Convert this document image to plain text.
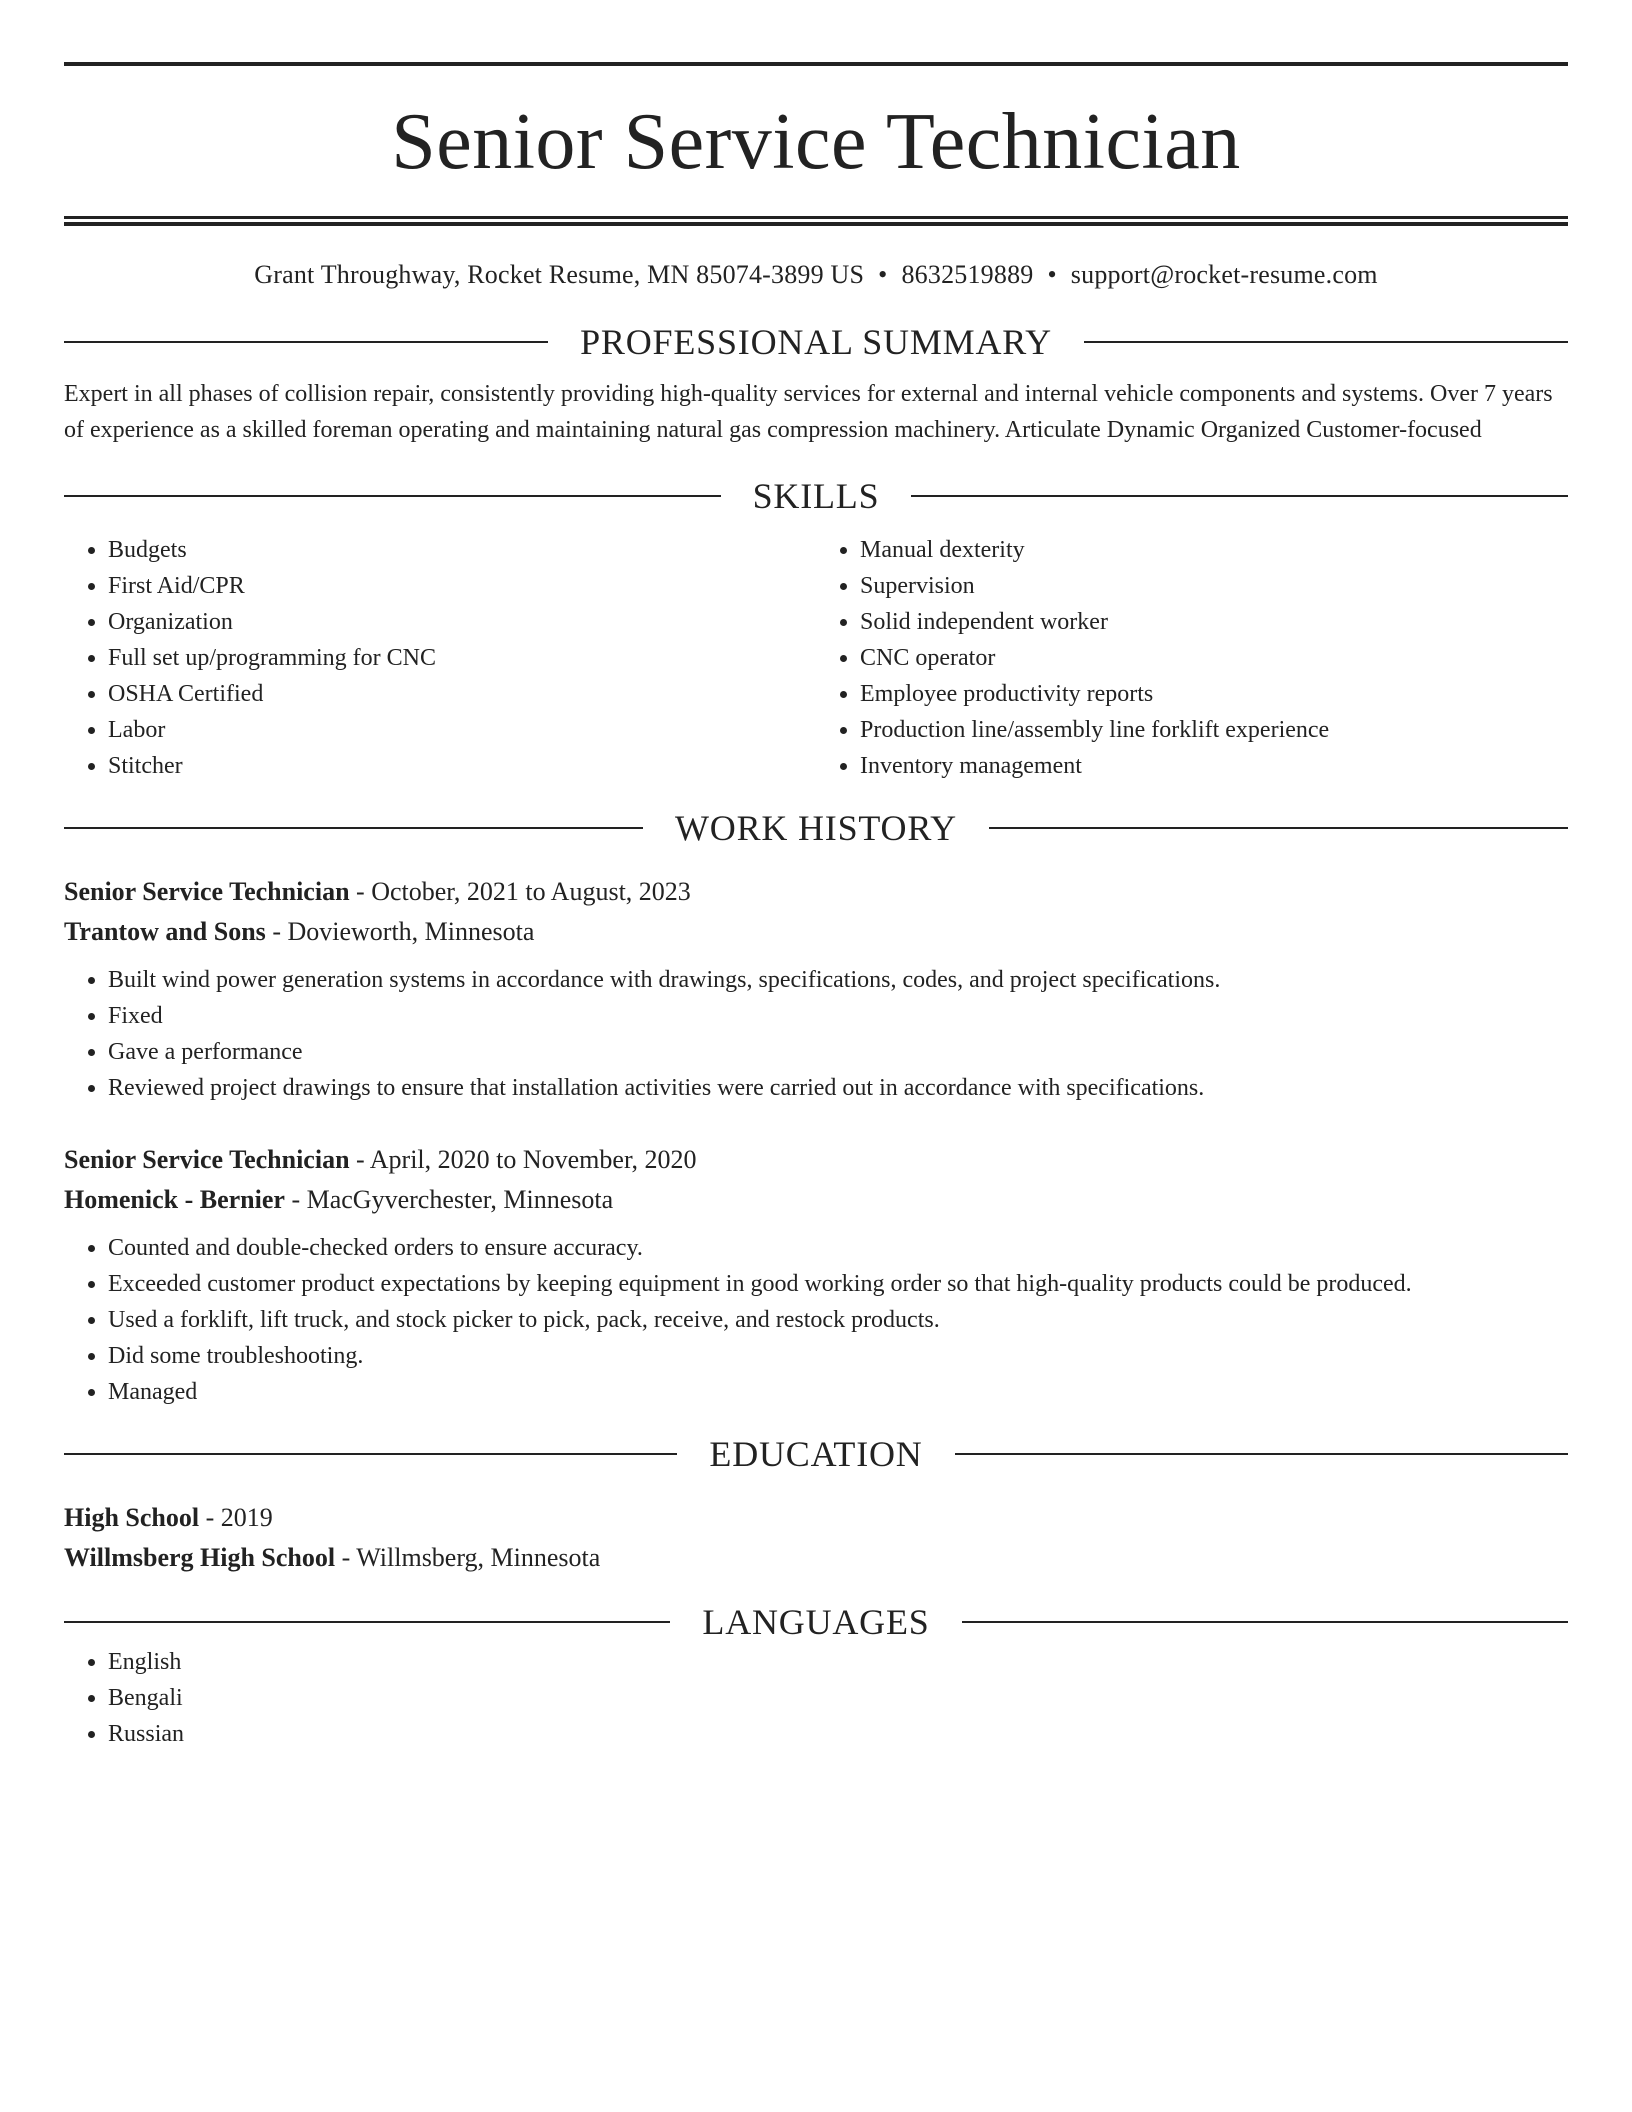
Senior Service Technician
Grant Throughway, Rocket Resume, MN 85074-3899 US • 8632519889 • support@rocket-resume.com
PROFESSIONAL SUMMARY
Expert in all phases of collision repair, consistently providing high-quality services for external and internal vehicle components and systems. Over 7 years of experience as a skilled foreman operating and maintaining natural gas compression machinery. Articulate Dynamic Organized Customer-focused
SKILLS
• Budgets
• First Aid/CPR
• Organization
• Full set up/programming for CNC
• OSHA Certified
• Labor
• Stitcher
• Manual dexterity
• Supervision
• Solid independent worker
• CNC operator
• Employee productivity reports
• Production line/assembly line forklift experience
• Inventory management
WORK HISTORY
Senior Service Technician - October, 2021 to August, 2023
Trantow and Sons - Dovieworth, Minnesota
• Built wind power generation systems in accordance with drawings, specifications, codes, and project specifications.
• Fixed
• Gave a performance
• Reviewed project drawings to ensure that installation activities were carried out in accordance with specifications.
Senior Service Technician - April, 2020 to November, 2020
Homenick - Bernier - MacGyverchester, Minnesota
• Counted and double-checked orders to ensure accuracy.
• Exceeded customer product expectations by keeping equipment in good working order so that high-quality products could be produced.
• Used a forklift, lift truck, and stock picker to pick, pack, receive, and restock products.
• Did some troubleshooting.
• Managed
EDUCATION
High School - 2019
Willmsberg High School - Willmsberg, Minnesota
LANGUAGES
• English
• Bengali
• Russian
